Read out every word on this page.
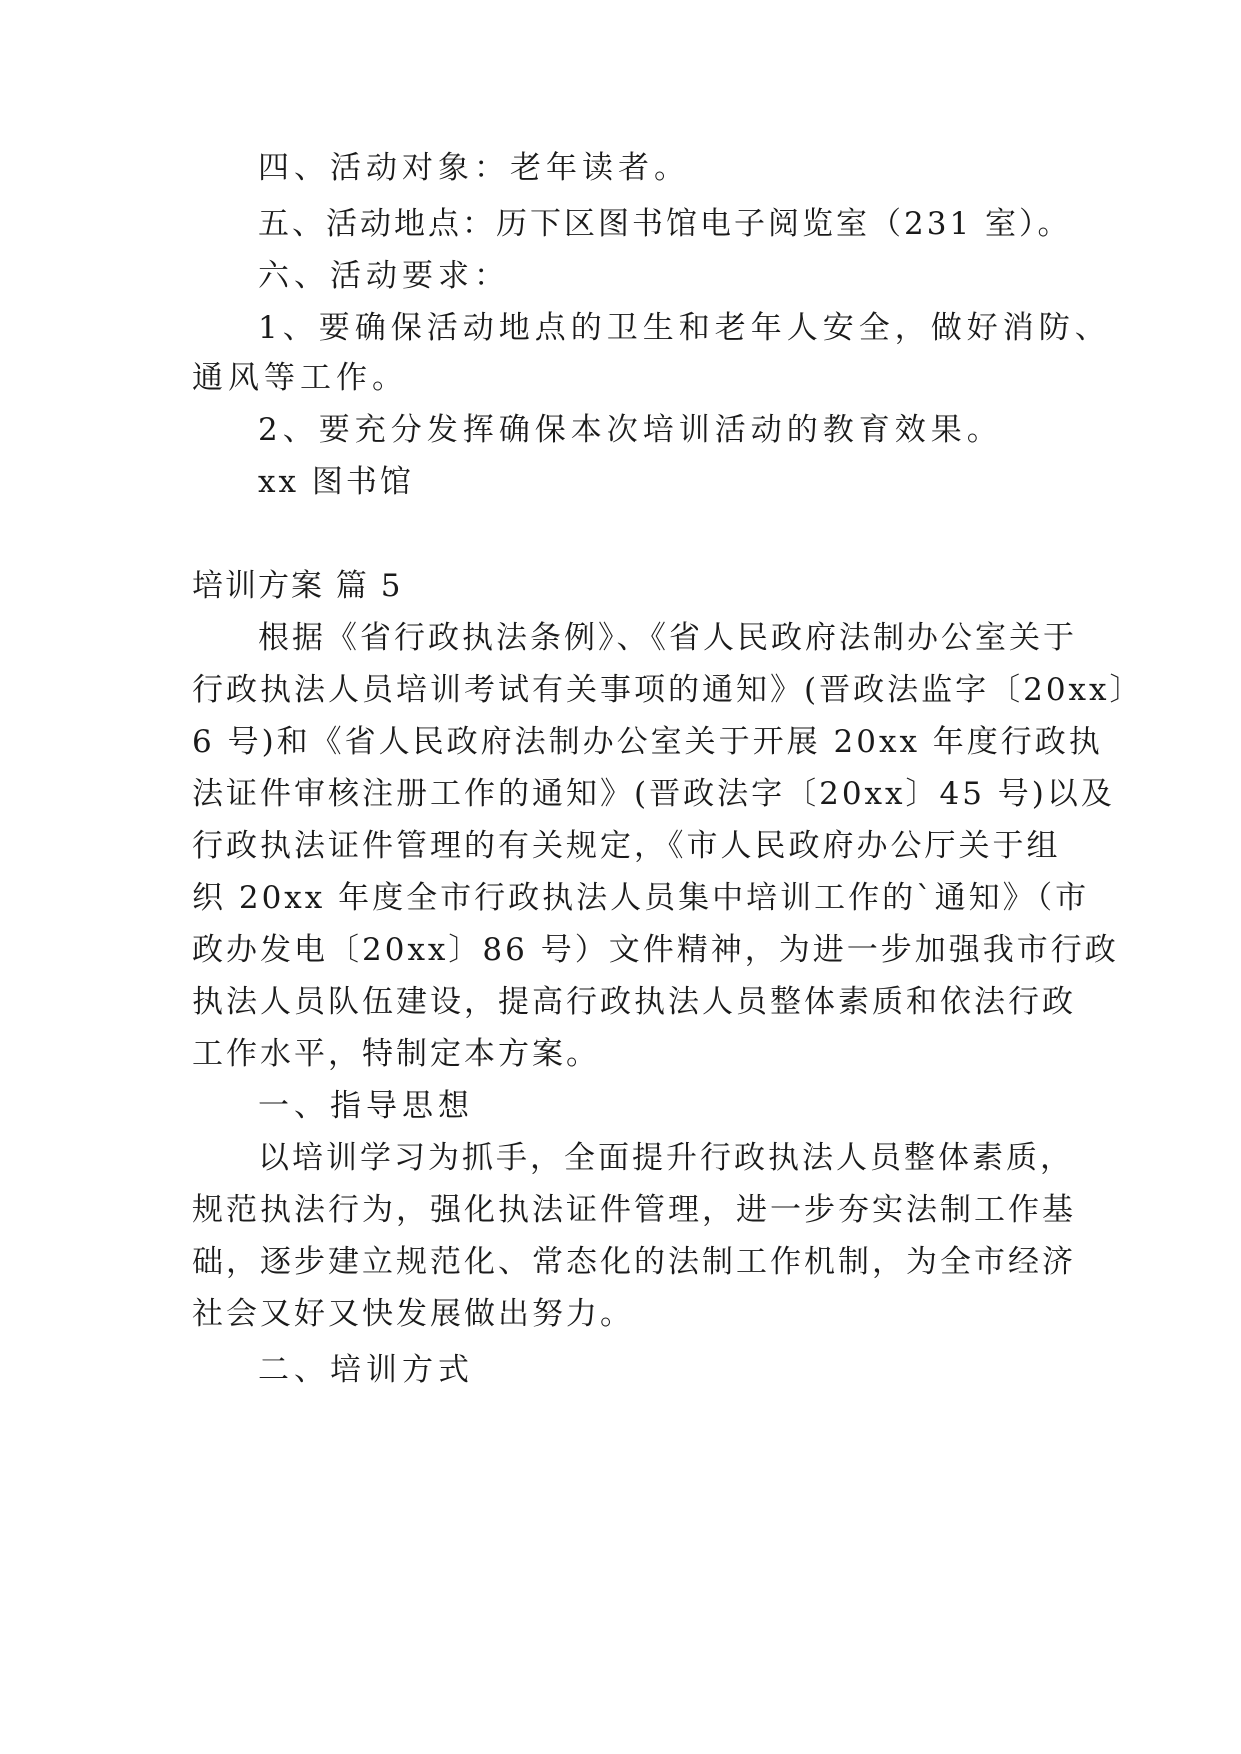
四、活动对象：老年读者。
五、活动地点：历下区图书馆电子阅览室（231 室）。
六、活动要求：
1、要确保活动地点的卫生和老年人安全，做好消防、
通风等工作。
2、要充分发挥确保本次培训活动的教育效果。
xx 图书馆
培训方案 篇 5
根据《省行政执法条例》、《省人民政府法制办公室关于
行政执法人员培训考试有关事项的通知》(晋政法监字〔20xx〕
6 号)和《省人民政府法制办公室关于开展 20xx 年度行政执
法证件审核注册工作的通知》(晋政法字〔20xx〕45 号)以及
行政执法证件管理的有关规定，《市人民政府办公厅关于组
织 20xx 年度全市行政执法人员集中培训工作的`通知》（市
政办发电〔20xx〕86 号）文件精神，为进一步加强我市行政
执法人员队伍建设，提高行政执法人员整体素质和依法行政
工作水平，特制定本方案。
一、指导思想
以培训学习为抓手，全面提升行政执法人员整体素质，
规范执法行为，强化执法证件管理，进一步夯实法制工作基
础，逐步建立规范化、常态化的法制工作机制，为全市经济
社会又好又快发展做出努力。
二、培训方式
